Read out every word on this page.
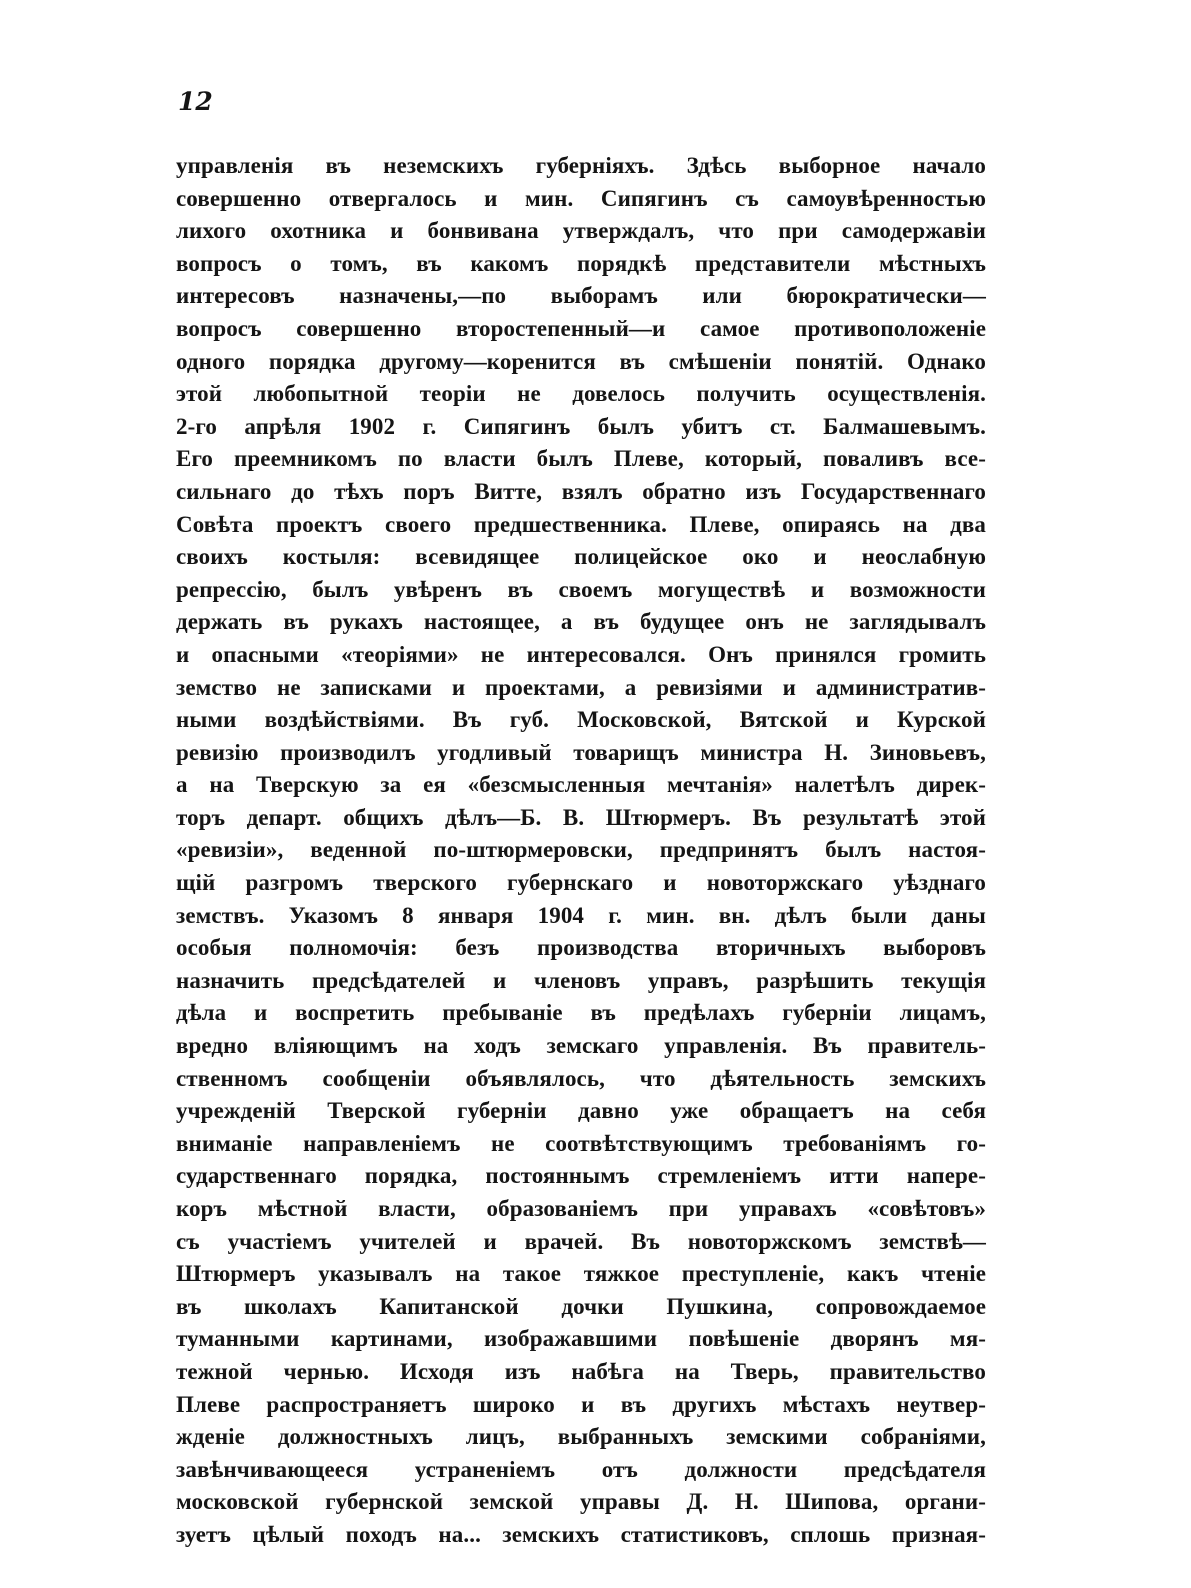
12
управленія въ неземскихъ губерніяхъ. Здѣсь выборное начало
совершенно отвергалось и мин. Сипягинъ съ самоувѣренностью
лихого охотника и бонвивана утверждалъ, что при самодержавіи
вопросъ о томъ, въ какомъ порядкѣ представители мѣстныхъ
интересовъ назначены,—по выборамъ или бюрократически—
вопросъ совершенно второстепенный—и самое противоположеніе
одного порядка другому—коренится въ смѣшеніи понятій. Однако
этой любопытной теоріи не довелось получить осуществленія.
2-го апрѣля 1902 г. Сипягинъ былъ убитъ ст. Балмашевымъ.
Его преемникомъ по власти былъ Плеве, который, поваливъ все-
сильнаго до тѣхъ поръ Витте, взялъ обратно изъ Государственнаго
Совѣта проектъ своего предшественника. Плеве, опираясь на два
своихъ костыля: всевидящее полицейское око и неослабную
репрессію, былъ увѣренъ въ своемъ могуществѣ и возможности
держать въ рукахъ настоящее, а въ будущее онъ не заглядывалъ
и опасными «теоріями» не интересовался. Онъ принялся громить
земство не записками и проектами, а ревизіями и административ-
ными воздѣйствіями. Въ губ. Московской, Вятской и Курской
ревизію производилъ угодливый товарищъ министра Н. Зиновьевъ,
а на Тверскую за ея «безсмысленныя мечтанія» налетѣлъ дирек-
торъ департ. общихъ дѣлъ—Б. В. Штюрмеръ. Въ результатѣ этой
«ревизіи», веденной по-штюрмеровски, предпринятъ былъ настоя-
щій разгромъ тверского губернскаго и новоторжскаго уѣзднаго
земствъ. Указомъ 8 января 1904 г. мин. вн. дѣлъ были даны
особыя полномочія: безъ производства вторичныхъ выборовъ
назначить предсѣдателей и членовъ управъ, разрѣшить текущія
дѣла и воспретить пребываніе въ предѣлахъ губерніи лицамъ,
вредно вліяющимъ на ходъ земскаго управленія. Въ правитель-
ственномъ сообщеніи объявлялось, что дѣятельность земскихъ
учрежденій Тверской губерніи давно уже обращаетъ на себя
вниманіе направленіемъ не соотвѣтствующимъ требованіямъ го-
сударственнаго порядка, постояннымъ стремленіемъ итти напере-
коръ мѣстной власти, образованіемъ при управахъ «совѣтовъ»
съ участіемъ учителей и врачей. Въ новоторжскомъ земствѣ—
Штюрмеръ указывалъ на такое тяжкое преступленіе, какъ чтеніе
въ школахъ Капитанской дочки Пушкина, сопровождаемое
туманными картинами, изображавшими повѣшеніе дворянъ мя-
тежной чернью. Исходя изъ набѣга на Тверь, правительство
Плеве распространяетъ широко и въ другихъ мѣстахъ неутвер-
жденіе должностныхъ лицъ, выбранныхъ земскими собраніями,
завѣнчивающееся устраненіемъ отъ должности предсѣдателя
московской губернской земской управы Д. Н. Шипова, органи-
зуетъ цѣлый походъ на... земскихъ статистиковъ, сплошь призная-
